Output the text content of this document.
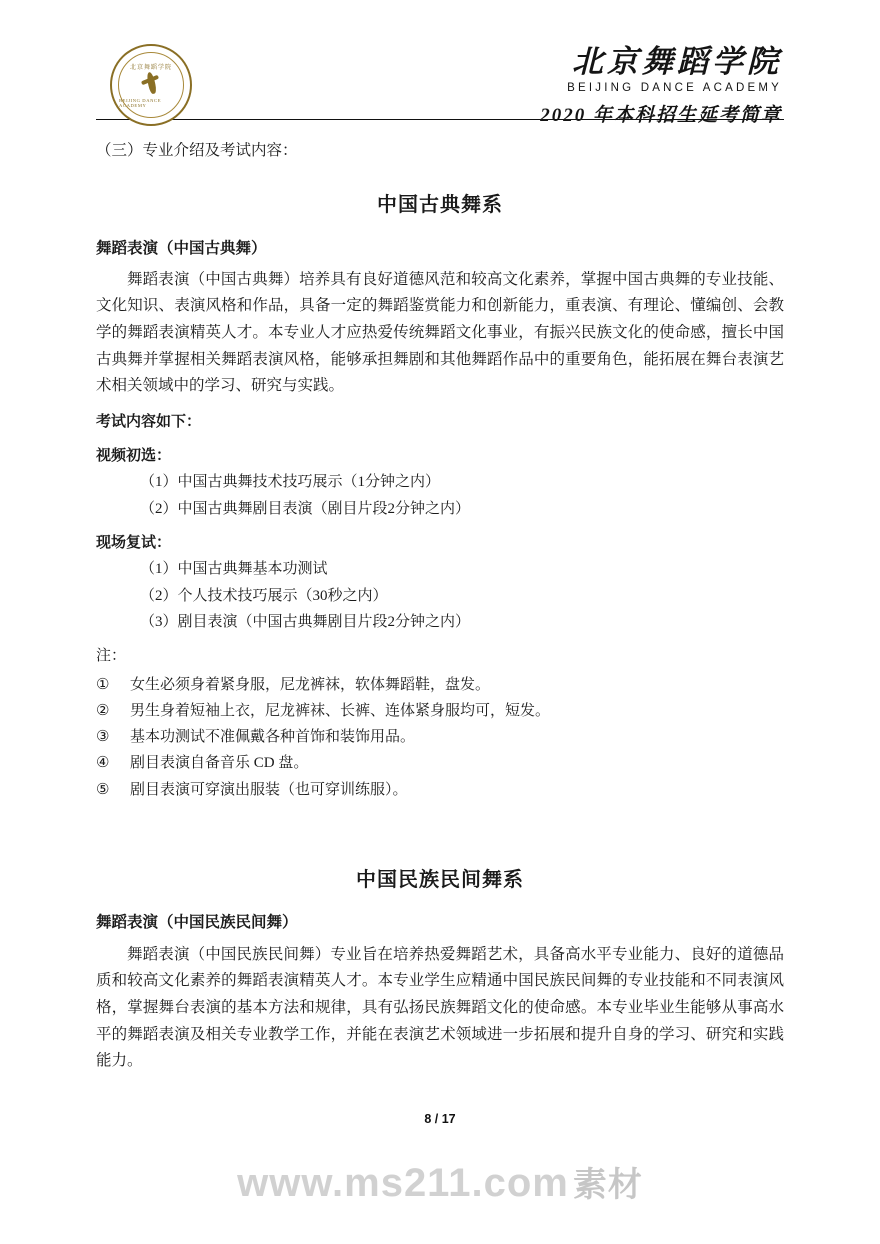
北京舞蹈学院
BEIJING DANCE ACADEMY
北京舞蹈学院
BEIJING DANCE ACADEMY
2020 年本科招生延考简章
（三）专业介绍及考试内容：
中国古典舞系
舞蹈表演（中国古典舞）
舞蹈表演（中国古典舞）培养具有良好道德风范和较高文化素养，掌握中国古典舞的专业技能、文化知识、表演风格和作品，具备一定的舞蹈鉴赏能力和创新能力，重表演、有理论、懂编创、会教学的舞蹈表演精英人才。本专业人才应热爱传统舞蹈文化事业，有振兴民族文化的使命感，擅长中国古典舞并掌握相关舞蹈表演风格，能够承担舞剧和其他舞蹈作品中的重要角色，能拓展在舞台表演艺术相关领域中的学习、研究与实践。
考试内容如下：
视频初选：
（1）中国古典舞技术技巧展示（1分钟之内）
（2）中国古典舞剧目表演（剧目片段2分钟之内）
现场复试：
（1）中国古典舞基本功测试
（2）个人技术技巧展示（30秒之内）
（3）剧目表演（中国古典舞剧目片段2分钟之内）
注：
①	女生必须身着紧身服，尼龙裤袜，软体舞蹈鞋，盘发。
②	男生身着短袖上衣，尼龙裤袜、长裤、连体紧身服均可，短发。
③	基本功测试不准佩戴各种首饰和装饰用品。
④	剧目表演自备音乐 CD 盘。
⑤	剧目表演可穿演出服装（也可穿训练服）。
中国民族民间舞系
舞蹈表演（中国民族民间舞）
舞蹈表演（中国民族民间舞）专业旨在培养热爱舞蹈艺术，具备高水平专业能力、良好的道德品质和较高文化素养的舞蹈表演精英人才。本专业学生应精通中国民族民间舞的专业技能和不同表演风格，掌握舞台表演的基本方法和规律，具有弘扬民族舞蹈文化的使命感。本专业毕业生能够从事高水平的舞蹈表演及相关专业教学工作，并能在表演艺术领域进一步拓展和提升自身的学习、研究和实践能力。
8 / 17
www.ms211.com 素材
